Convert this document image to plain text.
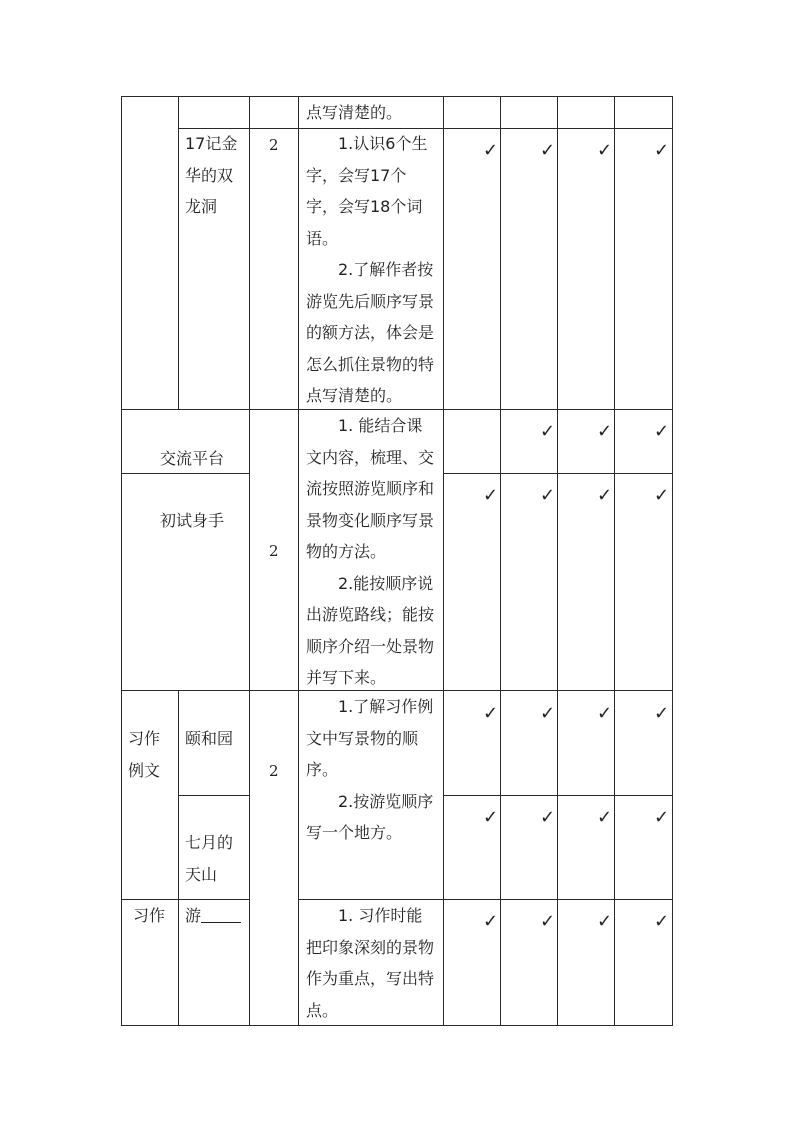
点写清楚的。
17记金
华的双
龙洞
2	1.认识6个生
字，会写17个
字，会写18个词
语。
2.了解作者按
游览先后顺序写景
的额方法，体会是
怎么抓住景物的特
点写清楚的。
✓ ✓ ✓ ✓
交流平台
初试身手
2
1. 能结合课
文内容，梳理、交
流按照游览顺序和
景物变化顺序写景
物的方法。
2.能按顺序说
出游览路线；能按
顺序介绍一处景物
并写下来。
✓ ✓ ✓
✓ ✓ ✓ ✓
习作
例文
颐和园
七月的
天山
2
1.了解习作例
文中写景物的顺
序。
2.按游览顺序
写一个地方。
✓ ✓ ✓ ✓
✓ ✓ ✓ ✓
习作 游	1. 习作时能
把印象深刻的景物
作为重点，写出特
点。
✓ ✓ ✓ ✓
